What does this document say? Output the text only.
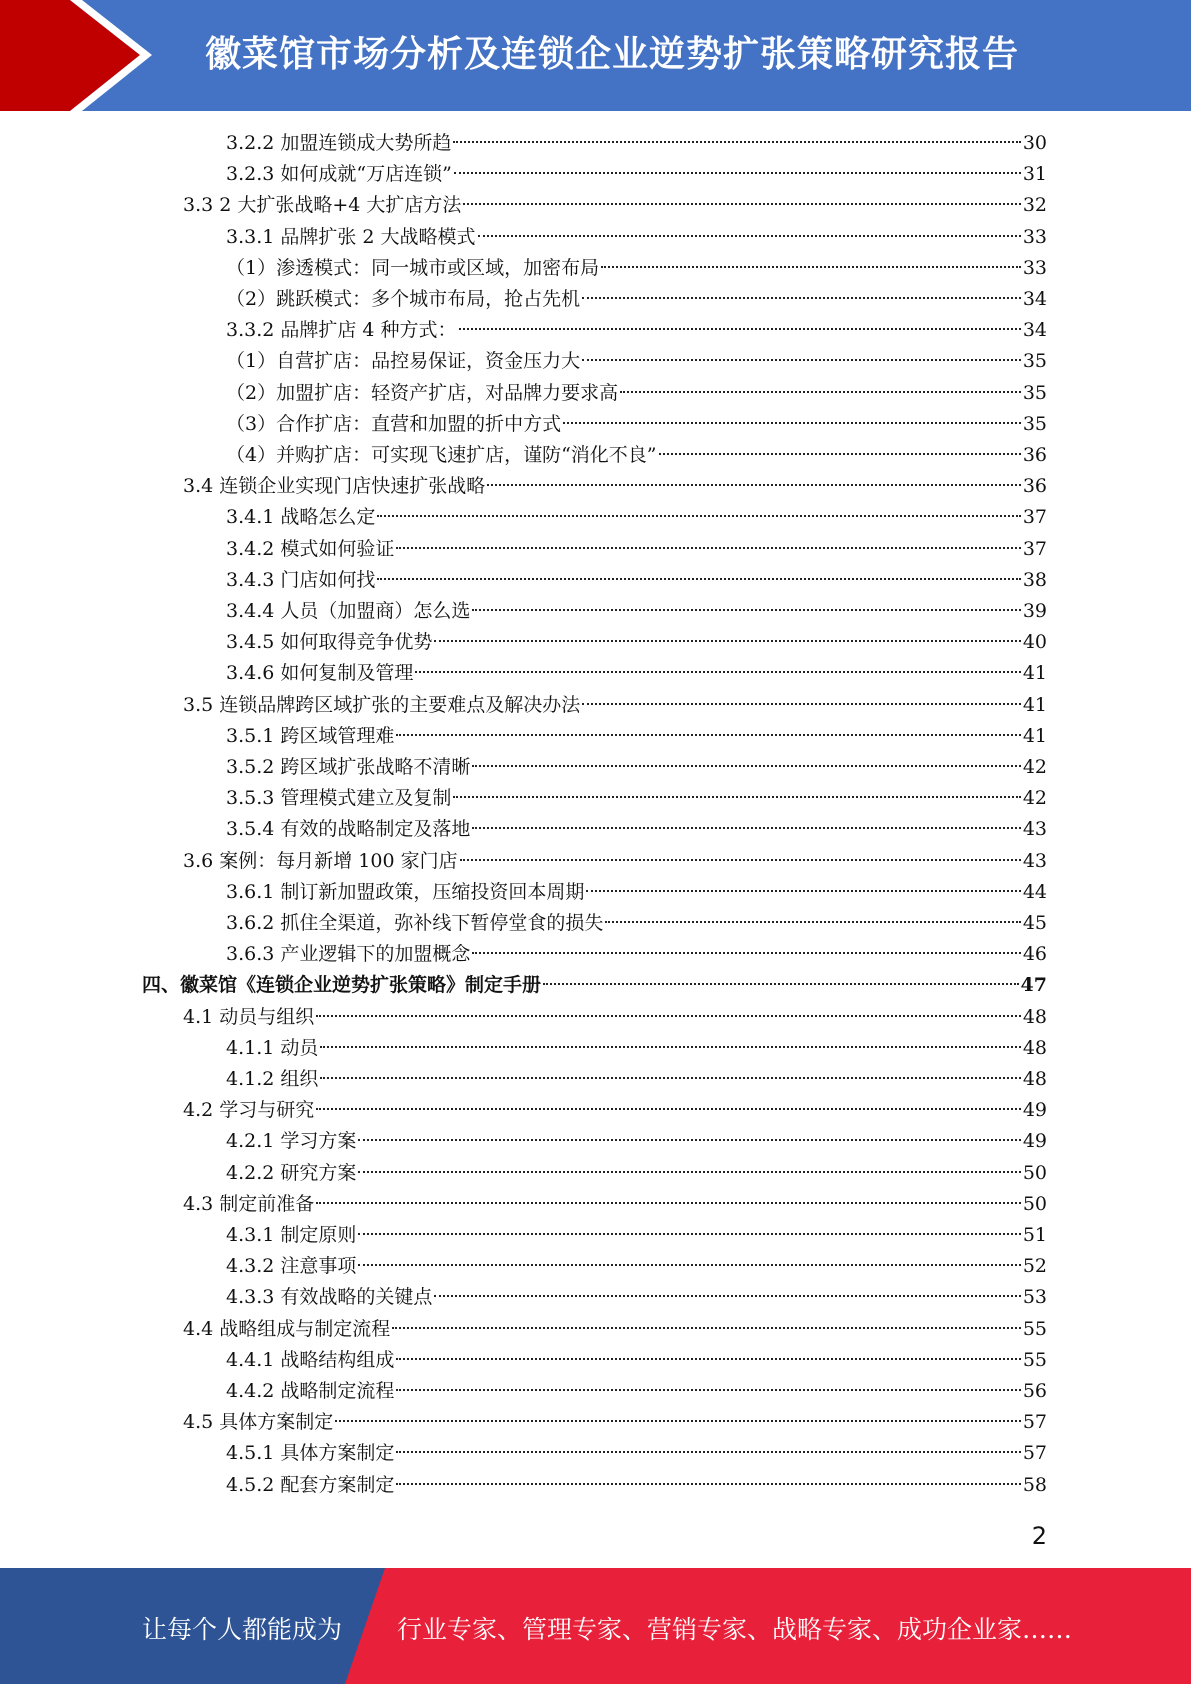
徽菜馆市场分析及连锁企业逆势扩张策略研究报告
3.2.2 加盟连锁成大势所趋	30
3.2.3 如何成就“万店连锁”	31
3.3 2 大扩张战略+4 大扩店方法	32
3.3.1 品牌扩张 2 大战略模式	33
（1）渗透模式：同一城市或区域，加密布局	33
（2）跳跃模式：多个城市布局，抢占先机	34
3.3.2 品牌扩店 4 种方式：	34
（1）自营扩店：品控易保证，资金压力大	35
（2）加盟扩店：轻资产扩店，对品牌力要求高	35
（3）合作扩店：直营和加盟的折中方式	35
（4）并购扩店：可实现飞速扩店，谨防“消化不良”	36
3.4 连锁企业实现门店快速扩张战略	36
3.4.1 战略怎么定	37
3.4.2 模式如何验证	37
3.4.3 门店如何找	38
3.4.4 人员（加盟商）怎么选	39
3.4.5 如何取得竞争优势	40
3.4.6 如何复制及管理	41
3.5 连锁品牌跨区域扩张的主要难点及解决办法	41
3.5.1 跨区域管理难	41
3.5.2 跨区域扩张战略不清晰	42
3.5.3 管理模式建立及复制	42
3.5.4 有效的战略制定及落地	43
3.6 案例：每月新增 100 家门店	43
3.6.1 制订新加盟政策，压缩投资回本周期	44
3.6.2 抓住全渠道，弥补线下暂停堂食的损失	45
3.6.3 产业逻辑下的加盟概念	46
四、徽菜馆《连锁企业逆势扩张策略》制定手册	47
4.1 动员与组织	48
4.1.1 动员	48
4.1.2 组织	48
4.2 学习与研究	49
4.2.1 学习方案	49
4.2.2 研究方案	50
4.3 制定前准备	50
4.3.1 制定原则	51
4.3.2 注意事项	52
4.3.3 有效战略的关键点	53
4.4 战略组成与制定流程	55
4.4.1 战略结构组成	55
4.4.2 战略制定流程	56
4.5 具体方案制定	57
4.5.1 具体方案制定	57
4.5.2 配套方案制定	58
2
让每个人都能成为 行业专家、管理专家、营销专家、战略专家、成功企业家……
